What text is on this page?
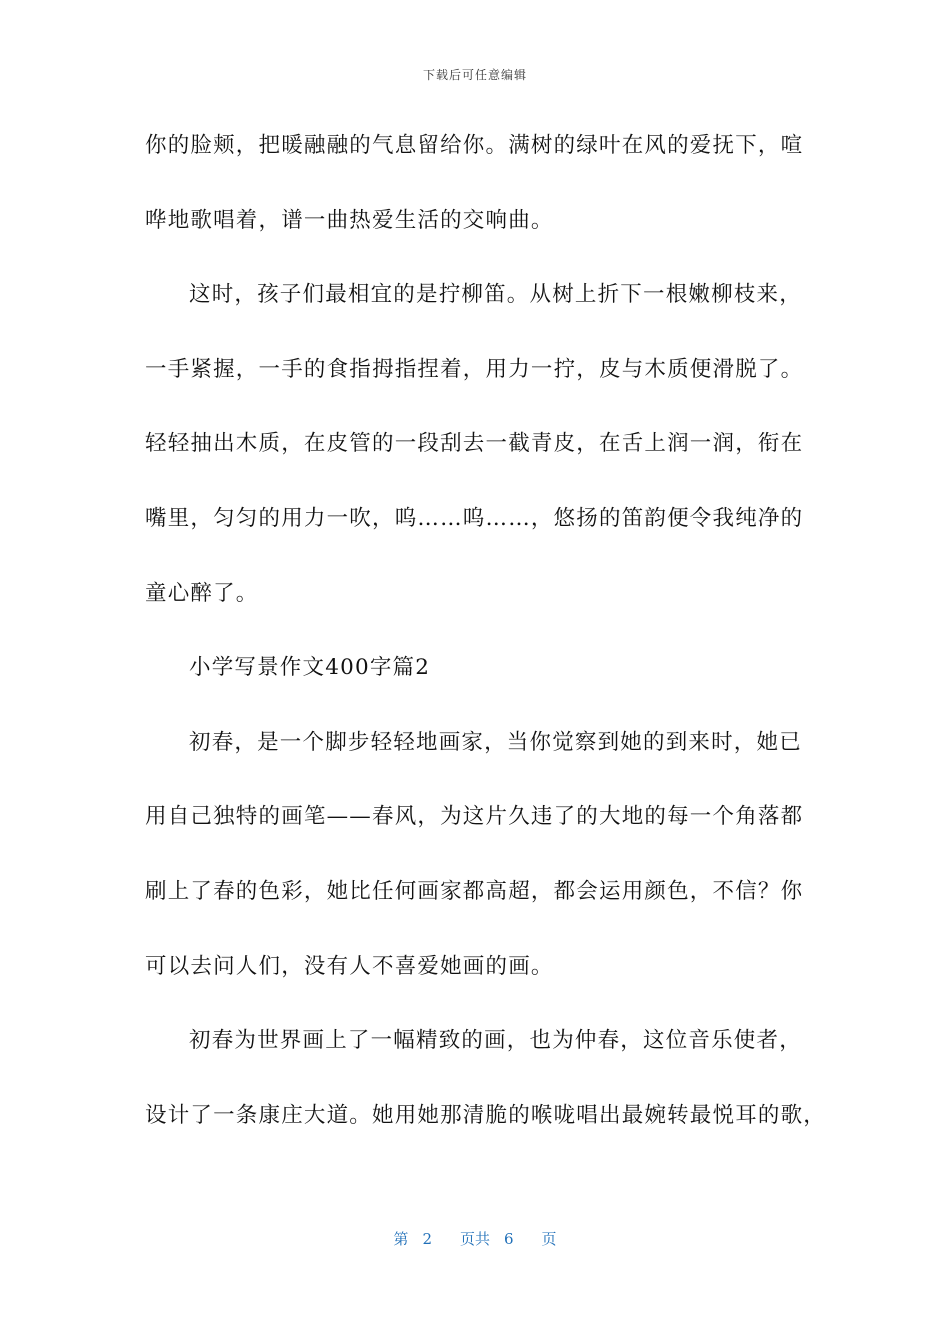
下载后可任意编辑
你的脸颊，把暖融融的气息留给你。满树的绿叶在风的爱抚下，喧
哗地歌唱着，谱一曲热爱生活的交响曲。
这时，孩子们最相宜的是拧柳笛。从树上折下一根嫩柳枝来，
一手紧握，一手的食指拇指捏着，用力一拧，皮与木质便滑脱了。
轻轻抽出木质，在皮管的一段刮去一截青皮，在舌上润一润，衔在
嘴里，匀匀的用力一吹，呜……呜……，悠扬的笛韵便令我纯净的
童心醉了。
小学写景作文400字篇2
初春，是一个脚步轻轻地画家，当你觉察到她的到来时，她已
用自己独特的画笔——春风，为这片久违了的大地的每一个角落都
刷上了春的色彩，她比任何画家都高超，都会运用颜色，不信？你
可以去问人们，没有人不喜爱她画的画。
初春为世界画上了一幅精致的画，也为仲春，这位音乐使者，
设计了一条康庄大道。她用她那清脆的喉咙唱出最婉转最悦耳的歌，
第 2 页共 6 页
